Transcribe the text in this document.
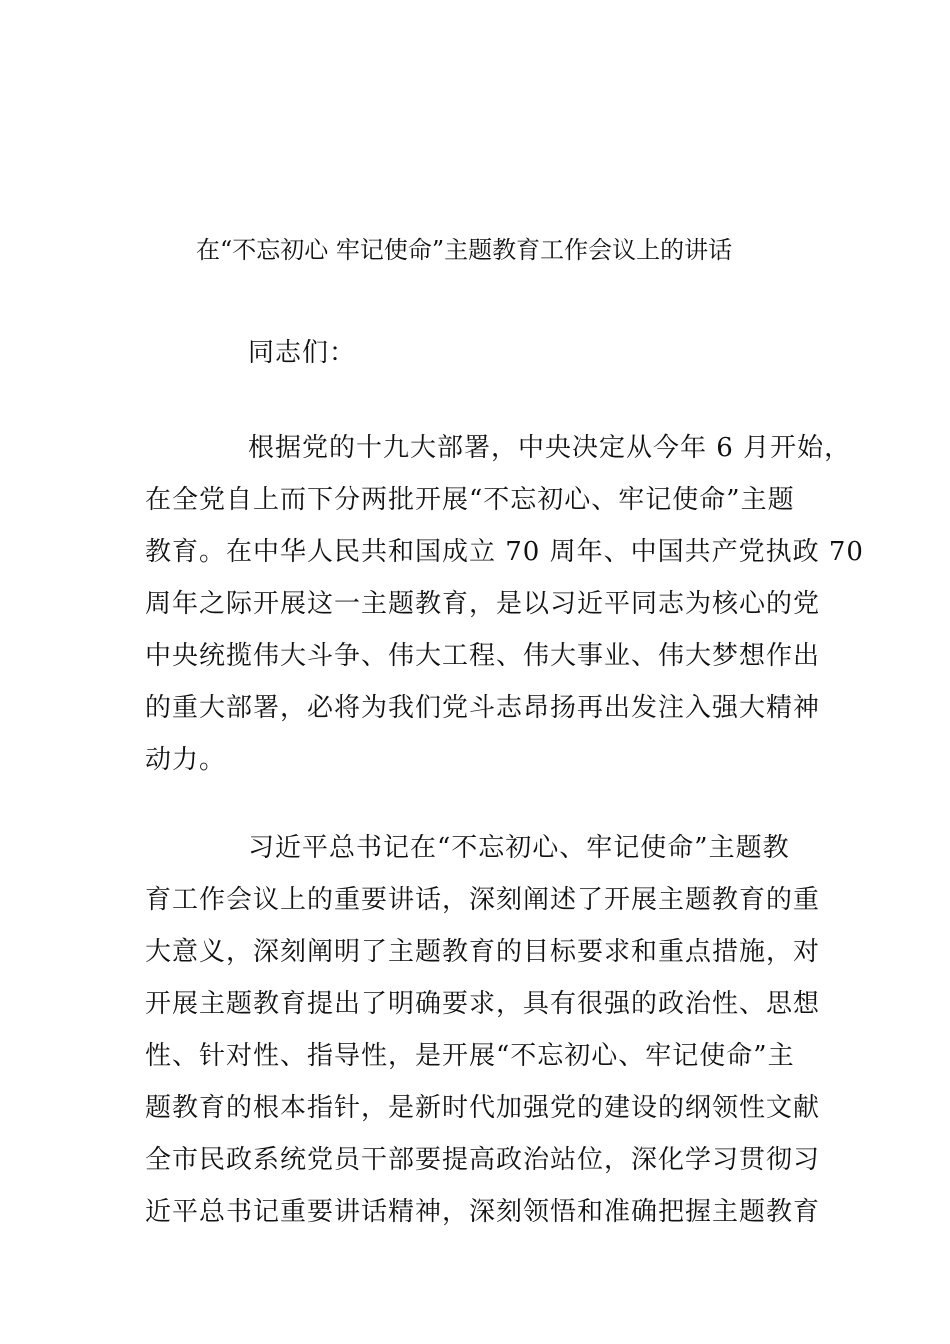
在“不忘初心 牢记使命”主题教育工作会议上的讲话
同志们：
根据党的十九大部署，中央决定从今年 6 月开始，
在全党自上而下分两批开展“不忘初心、牢记使命”主题
教育。在中华人民共和国成立 70 周年、中国共产党执政 70
周年之际开展这一主题教育，是以习近平同志为核心的党
中央统揽伟大斗争、伟大工程、伟大事业、伟大梦想作出
的重大部署，必将为我们党斗志昂扬再出发注入强大精神
动力。
习近平总书记在“不忘初心、牢记使命”主题教
育工作会议上的重要讲话，深刻阐述了开展主题教育的重
大意义，深刻阐明了主题教育的目标要求和重点措施，对
开展主题教育提出了明确要求，具有很强的政治性、思想
性、针对性、指导性，是开展“不忘初心、牢记使命”主
题教育的根本指针，是新时代加强党的建设的纲领性文献
全市民政系统党员干部要提高政治站位，深化学习贯彻习
近平总书记重要讲话精神，深刻领悟和准确把握主题教育
